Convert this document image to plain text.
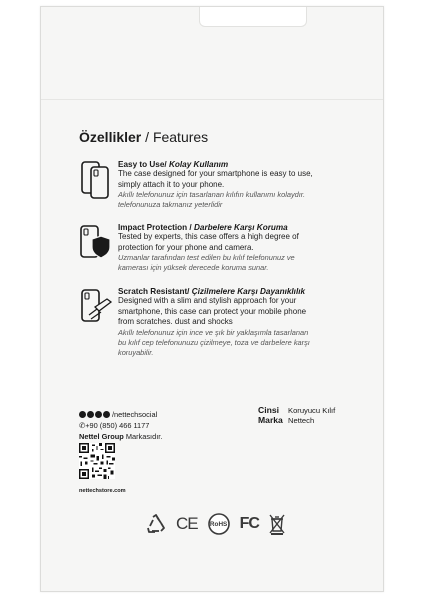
Özellikler / Features
Easy to Use/ Kolay Kullanım
The case designed for your smartphone is easy to use, simply attach it to your phone.
Akıllı telefonunuz için tasarlanan kılıfın kullanımı kolaydır. telefonunuza takmanız yeterlidir
Impact Protection / Darbelere Karşı Koruma
Tested by experts, this case offers a high degree of protection for your phone and camera.
Uzmanlar tarafından test edilen bu kılıf telefonunuz ve kamerası için yüksek derecede koruma sunar.
Scratch Resistant/ Çizilmelere Karşı Dayanıklılık
Designed with a slim and stylish approach for your smartphone, this case can protect your mobile phone from scratches. dust and shocks
Akıllı telefonunuz için ince ve şık bir yaklaşımla tasarlanan bu kılıf cep telefonunuzu çizilmeye, toza ve darbelere karşı koruyabilir.
/nettechsocial
✆+90 (850) 466 1177
Nettel Group Markasıdır.
Cinsi Koruyucu Kılıf
Marka Nettech
nettechstore.com
CE RoHS FC
